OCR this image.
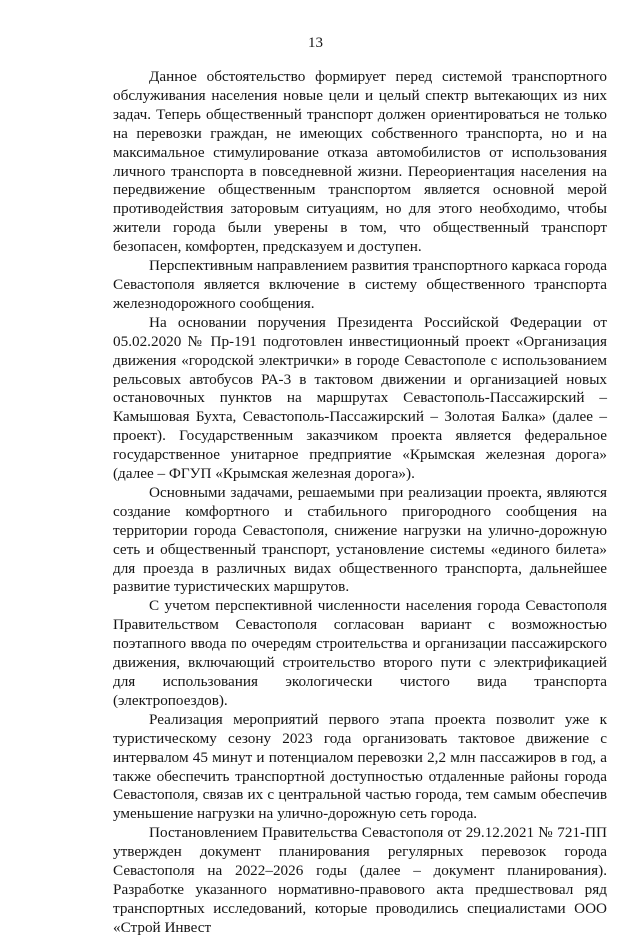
13

Данное обстоятельство формирует перед системой транспортного обслуживания населения новые цели и целый спектр вытекающих из них задач. Теперь общественный транспорт должен ориентироваться не только на перевозки граждан, не имеющих собственного транспорта, но и на максимальное стимулирование отказа автомобилистов от использования личного транспорта в повседневной жизни. Переориентация населения на передвижение общественным транспортом является основной мерой противодействия заторовым ситуациям, но для этого необходимо, чтобы жители города были уверены в том, что общественный транспорт безопасен, комфортен, предсказуем и доступен.

Перспективным направлением развития транспортного каркаса города Севастополя является включение в систему общественного транспорта железнодорожного сообщения.

На основании поручения Президента Российской Федерации от 05.02.2020 № Пр-191 подготовлен инвестиционный проект «Организация движения «городской электрички» в городе Севастополе с использованием рельсовых автобусов РА-3 в тактовом движении и организацией новых остановочных пунктов на маршрутах Севастополь-Пассажирский – Камышовая Бухта, Севастополь-Пассажирский – Золотая Балка» (далее – проект). Государственным заказчиком проекта является федеральное государственное унитарное предприятие «Крымская железная дорога» (далее – ФГУП «Крымская железная дорога»).

Основными задачами, решаемыми при реализации проекта, являются создание комфортного и стабильного пригородного сообщения на территории города Севастополя, снижение нагрузки на улично-дорожную сеть и общественный транспорт, установление системы «единого билета» для проезда в различных видах общественного транспорта, дальнейшее развитие туристических маршрутов.

С учетом перспективной численности населения города Севастополя Правительством Севастополя согласован вариант с возможностью поэтапного ввода по очередям строительства и организации пассажирского движения, включающий строительство второго пути с электрификацией для использования экологически чистого вида транспорта (электропоездов).

Реализация мероприятий первого этапа проекта позволит уже к туристическому сезону 2023 года организовать тактовое движение с интервалом 45 минут и потенциалом перевозки 2,2 млн пассажиров в год, а также обеспечить транспортной доступностью отдаленные районы города Севастополя, связав их с центральной частью города, тем самым обеспечив уменьшение нагрузки на улично-дорожную сеть города.

Постановлением Правительства Севастополя от 29.12.2021 № 721-ПП утвержден документ планирования регулярных перевозок города Севастополя на 2022–2026 годы (далее – документ планирования). Разработке указанного нормативно-правового акта предшествовал ряд транспортных исследований, которые проводились специалистами ООО «Строй Инвест
